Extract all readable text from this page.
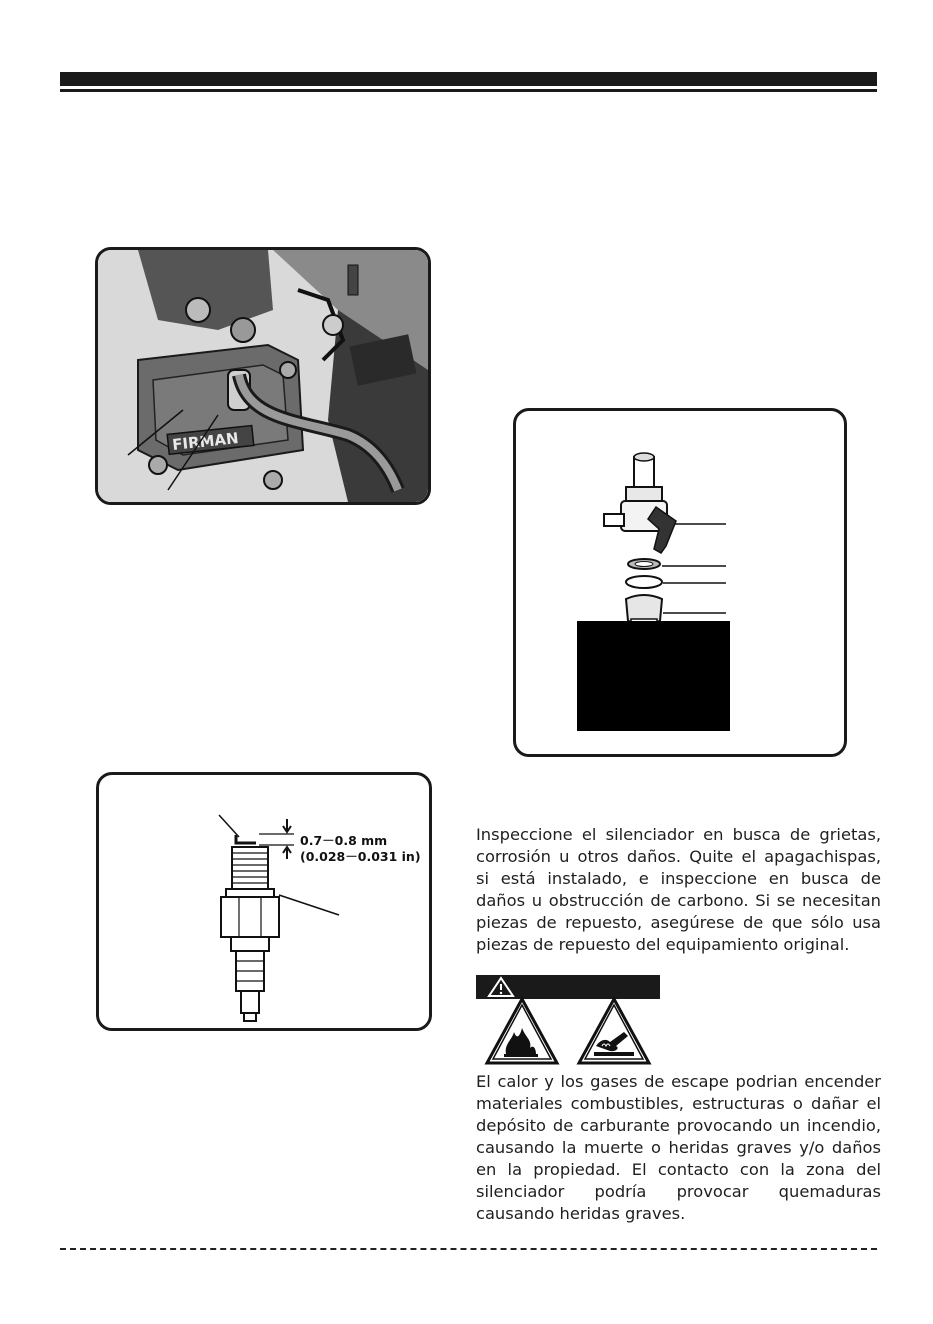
FIRMAN
0.7－0.8 mm
(0.028－0.031 in)
Inspeccione el silenciador en busca de grietas, corrosión u otros daños. Quite el apagachispas, si está instalado, e inspeccione en busca de daños u obstrucción de carbono. Si se necesitan piezas de repuesto, asegúrese de que sólo usa piezas de repuesto del equipamiento original.
El calor y los gases de escape podrian encender materiales combustibles, estructuras o dañar el depósito de carburante provocando un incendio, causando la muerte o heridas graves y/o daños en la propiedad. El contacto con la zona del silenciador podría provocar quemaduras causando heridas graves.
